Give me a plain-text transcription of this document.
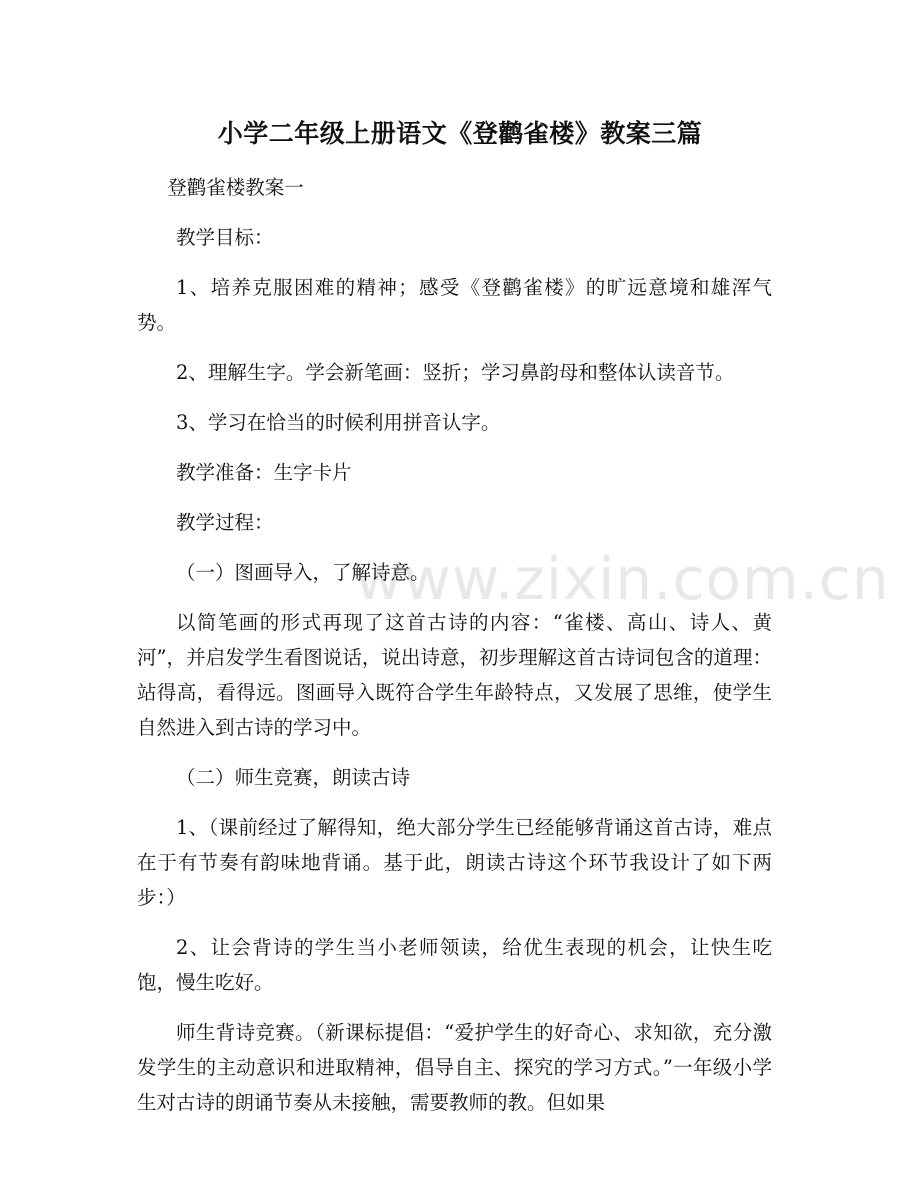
小学二年级上册语文《登鹳雀楼》教案三篇
www.zixin.com.cn

登鹳雀楼教案一

教学目标：

1、培养克服困难的精神；感受《登鹳雀楼》的旷远意境和雄浑气势。

2、理解生字。学会新笔画：竖折；学习鼻韵母和整体认读音节。

3、学习在恰当的时候利用拼音认字。

教学准备：生字卡片

教学过程：

（一）图画导入，了解诗意。

以简笔画的形式再现了这首古诗的内容：“雀楼、高山、诗人、黄河”，并启发学生看图说话，说出诗意，初步理解这首古诗词包含的道理：站得高，看得远。图画导入既符合学生年龄特点，又发展了思维，使学生自然进入到古诗的学习中。

（二）师生竞赛，朗读古诗

1、（课前经过了解得知，绝大部分学生已经能够背诵这首古诗，难点在于有节奏有韵味地背诵。基于此，朗读古诗这个环节我设计了如下两步：）

2、让会背诗的学生当小老师领读，给优生表现的机会，让快生吃饱，慢生吃好。

师生背诗竞赛。（新课标提倡：“爱护学生的好奇心、求知欲，充分激发学生的主动意识和进取精神，倡导自主、探究的学习方式。”一年级小学生对古诗的朗诵节奏从未接触，需要教师的教。但如果
